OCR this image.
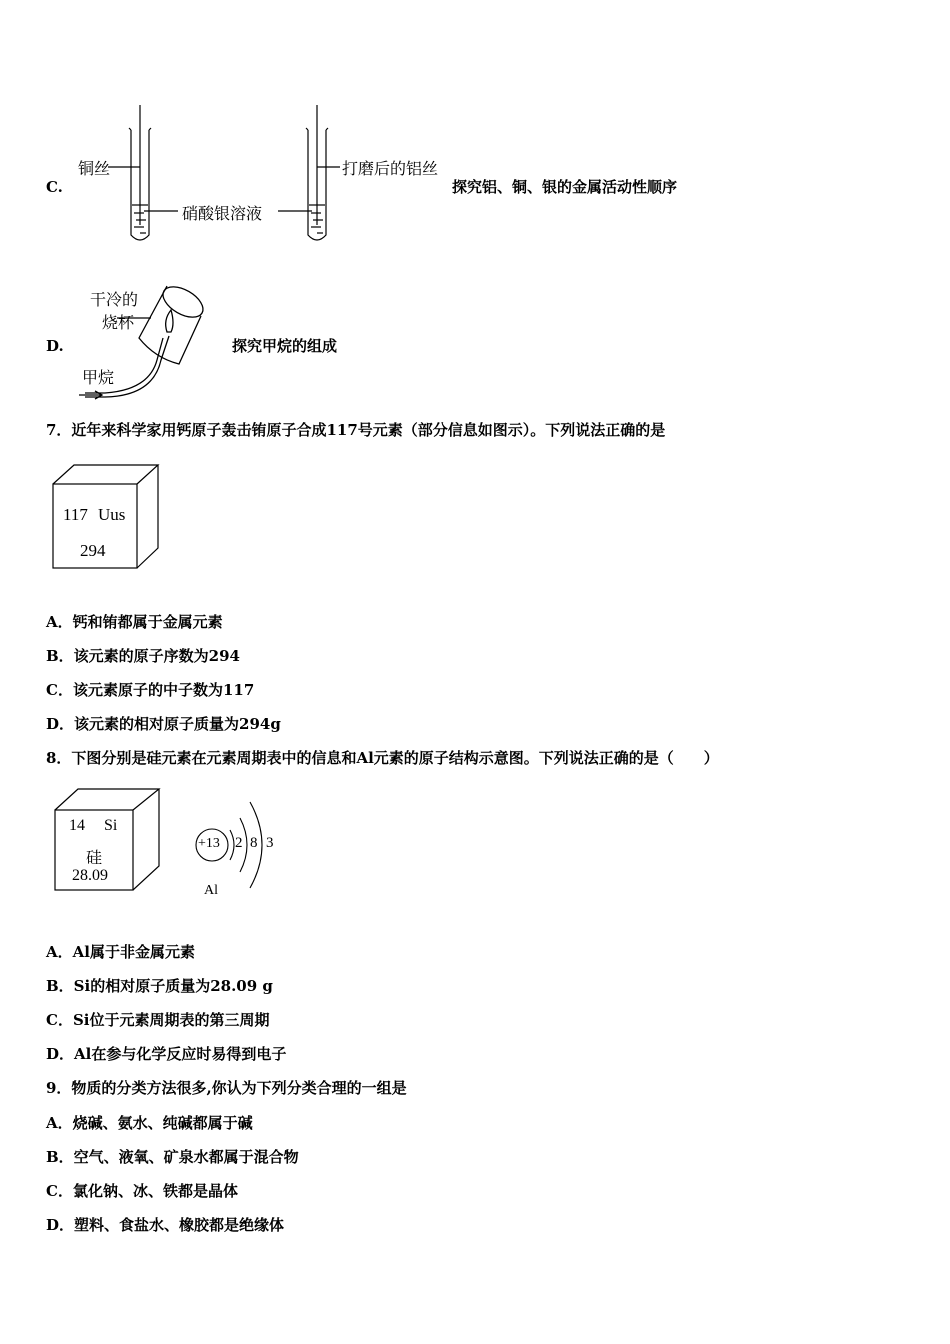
C.
铜丝	打磨后的铝丝
硝酸银溶液
探究铝、铜、银的金属活动性顺序
D.
干冷的
烧杯
甲烷
探究甲烷的组成
7．近年来科学家用钙原子轰击铕原子合成117号元素（部分信息如图示）。下列说法正确的是
117 Uus
294
A．钙和铕都属于金属元素
B．该元素的原子序数为294
C．该元素原子的中子数为117
D．该元素的相对原子质量为294g
8．下图分别是硅元素在元素周期表中的信息和Al元素的原子结构示意图。下列说法正确的是（　　）
14 Si
硅
28.09
+13 2 8 3
Al
A．Al属于非金属元素
B．Si的相对原子质量为28.09 g
C．Si位于元素周期表的第三周期
D．Al在参与化学反应时易得到电子
9．物质的分类方法很多,你认为下列分类合理的一组是
A．烧碱、氨水、纯碱都属于碱
B．空气、液氧、矿泉水都属于混合物
C．氯化钠、冰、铁都是晶体
D．塑料、食盐水、橡胶都是绝缘体
